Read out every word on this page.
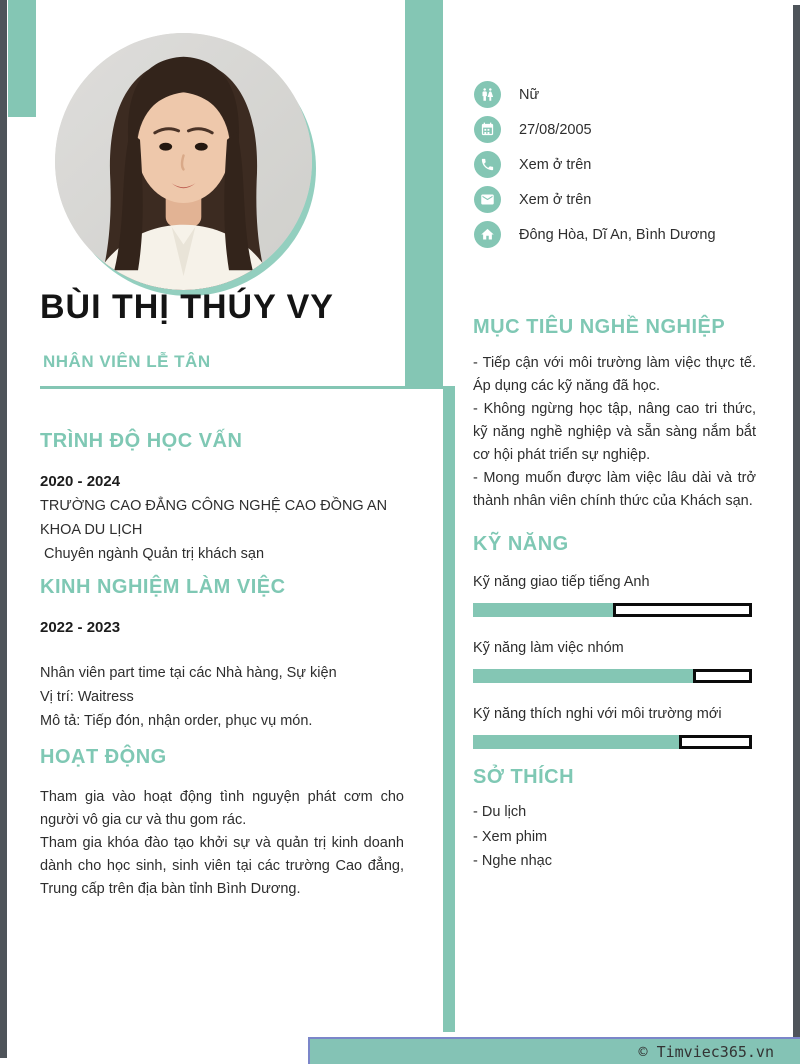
BÙI THỊ THÚY VY
NHÂN VIÊN LỄ TÂN
TRÌNH ĐỘ HỌC VẤN
2020 - 2024
TRƯỜNG CAO ĐẲNG CÔNG NGHỆ CAO ĐỒNG AN
KHOA DU LỊCH
Chuyên ngành Quản trị khách sạn
KINH NGHIỆM LÀM VIỆC
2022 - 2023
Nhân viên part time tại các Nhà hàng, Sự kiện
Vị trí: Waitress
Mô tả: Tiếp đón, nhận order, phục vụ món.
HOẠT ĐỘNG

Tham gia vào hoạt động tình nguyện phát cơm cho người vô gia cư và thu gom rác.

Tham gia khóa đào tạo khởi sự và quản trị kinh doanh dành cho học sinh, sinh viên tại các trường Cao đẳng, Trung cấp trên địa bàn tỉnh Bình Dương.

Nữ
27/08/2005
Xem ở trên
Xem ở trên
Đông Hòa, Dĩ An, Bình Dương
MỤC TIÊU NGHỀ NGHIỆP

- Tiếp cận với môi trường làm việc thực tế. Áp dụng các kỹ năng đã học.

- Không ngừng học tập, nâng cao tri thức, kỹ năng nghề nghiệp và sẵn sàng nắm bắt cơ hội phát triển sự nghiệp.

- Mong muốn được làm việc lâu dài và trở thành nhân viên chính thức của Khách sạn.

KỸ NĂNG
Kỹ năng giao tiếp tiếng Anh
Kỹ năng làm việc nhóm
Kỹ năng thích nghi với môi trường mới
SỞ THÍCH
- Du lịch
- Xem phim
- Nghe nhạc
© Timviec365.vn
